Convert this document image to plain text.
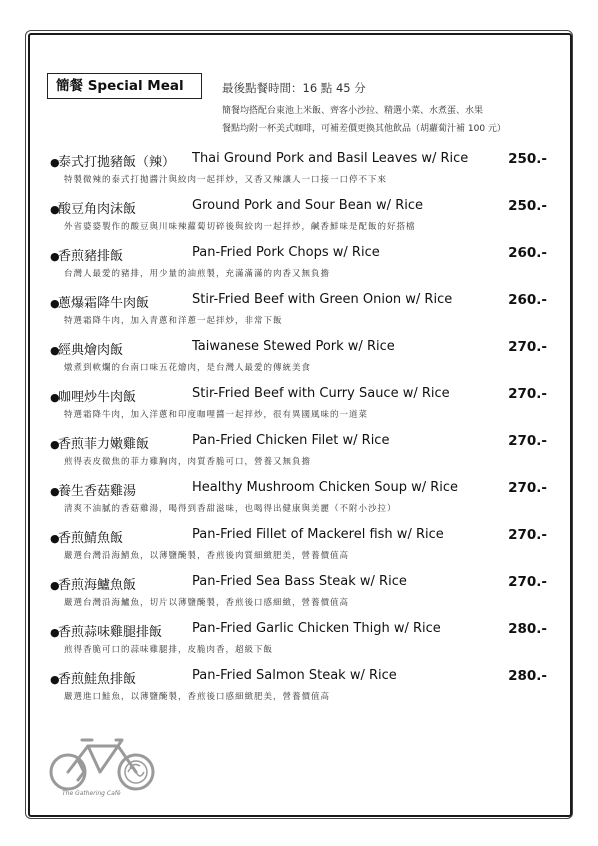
簡餐 Special Meal	最後點餐時間：16 點 45 分
簡餐均搭配台東池上米飯、齊客小沙拉、精選小菜、水煮蛋、水果
餐點均附一杯美式咖啡，可補差價更換其他飲品（胡蘿蔔汁補 100 元）
●
泰式打拋豬飯（辣） Thai Ground Pork and Basil Leaves w/ Rice	250.-
特製微辣的泰式打拋醬汁與絞肉一起拌炒，又香又辣讓人一口接一口停不下來
●
酸豆角肉沫飯	Ground Pork and Sour Bean w/ Rice	250.-
外省婆婆製作的酸豆與川味辣蘿蔔切碎後與絞肉一起拌炒，鹹香鮮味是配飯的好搭檔
●
香煎豬排飯	Pan-Fried Pork Chops w/ Rice	260.-
台灣人最愛的豬排，用少量的油煎製，充滿滿滿的肉香又無負擔
●
蔥爆霜降牛肉飯	Stir-Fried Beef with Green Onion w/ Rice	260.-
特選霜降牛肉，加入青蔥和洋蔥一起拌炒，非常下飯
●
經典燴肉飯	Taiwanese Stewed Pork w/ Rice	270.-
燉煮到軟爛的台南口味五花燴肉，是台灣人最愛的傳統美食
●
咖哩炒牛肉飯	Stir-Fried Beef with Curry Sauce w/ Rice	270.-
特選霜降牛肉，加入洋蔥和印度咖哩醬一起拌炒，很有異國風味的一道菜
●
香煎菲力嫩雞飯	Pan-Fried Chicken Filet w/ Rice	270.-
煎得表皮微焦的菲力雞胸肉，肉質香脆可口，營養又無負擔
●
養生香菇雞湯	Healthy Mushroom Chicken Soup w/ Rice	270.-
清爽不油膩的香菇雞湯，喝得到香甜滋味，也喝得出健康與美麗（不附小沙拉）
●
香煎鯖魚飯	Pan-Fried Fillet of Mackerel fish w/ Rice	270.-
嚴選台灣沿海鯖魚，以薄鹽醃製，香煎後肉質細緻肥美，營養價值高
●
香煎海鱸魚飯	Pan-Fried Sea Bass Steak w/ Rice	270.-
嚴選台灣沿海鱸魚，切片以薄鹽醃製，香煎後口感細緻，營養價值高
●
香煎蒜味雞腿排飯 Pan-Fried Garlic Chicken Thigh w/ Rice	280.-
煎得香脆可口的蒜味雞腿排，皮脆肉香，超級下飯
●
香煎鮭魚排飯	Pan-Fried Salmon Steak w/ Rice	280.-
嚴選進口鮭魚，以薄鹽醃製，香煎後口感細緻肥美，營養價值高
The Gathering Café
